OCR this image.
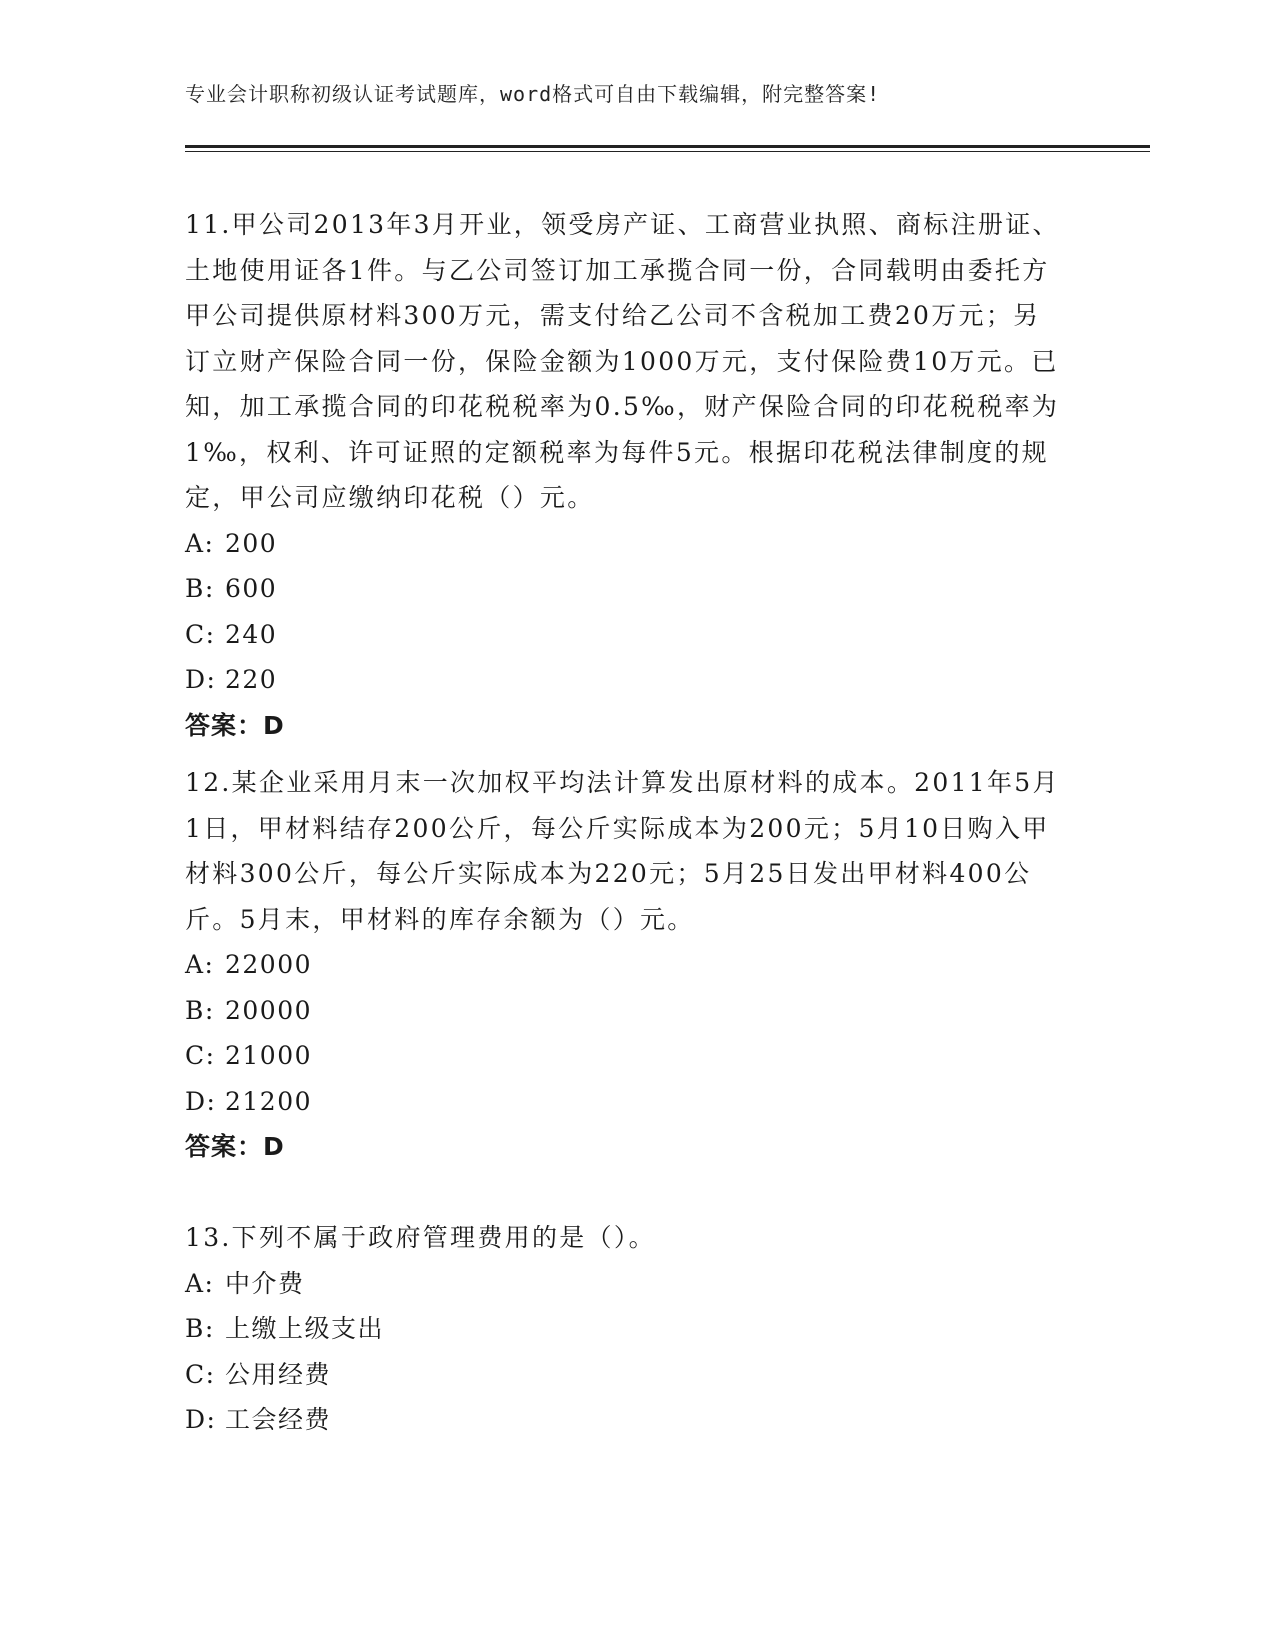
专业会计职称初级认证考试题库，word格式可自由下载编辑，附完整答案!

11.甲公司2013年3月开业，领受房产证、工商营业执照、商标注册证、土地使用证各1件。与乙公司签订加工承揽合同一份，合同载明由委托方甲公司提供原材料300万元，需支付给乙公司不含税加工费20万元；另订立财产保险合同一份，保险金额为1000万元，支付保险费10万元。已知，加工承揽合同的印花税税率为0.5‰，财产保险合同的印花税税率为1‰，权利、许可证照的定额税率为每件5元。根据印花税法律制度的规定，甲公司应缴纳印花税（）元。

A: 200

B: 600

C: 240

D: 220

答案：D

12.某企业采用月末一次加权平均法计算发出原材料的成本。2011年5月1日，甲材料结存200公斤，每公斤实际成本为200元；5月10日购入甲材料300公斤，每公斤实际成本为220元；5月25日发出甲材料400公斤。5月末，甲材料的库存余额为（）元。

A: 22000

B: 20000

C: 21000

D: 21200

答案：D

13.下列不属于政府管理费用的是（）。

A: 中介费

B: 上缴上级支出

C: 公用经费

D: 工会经费
